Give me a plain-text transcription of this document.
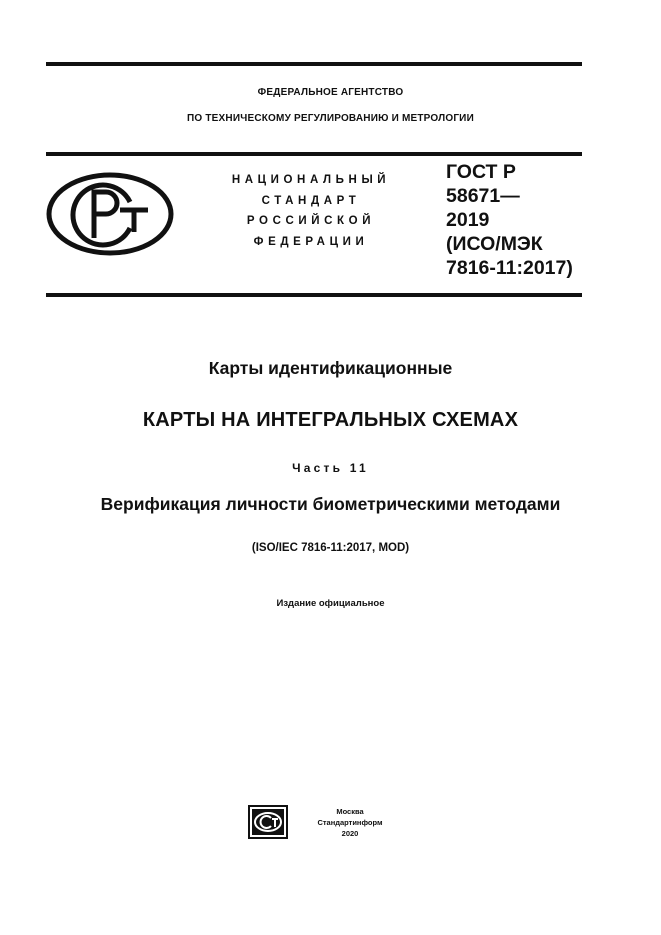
ФЕДЕРАЛЬНОЕ АГЕНТСТВО
ПО ТЕХНИЧЕСКОМУ РЕГУЛИРОВАНИЮ И МЕТРОЛОГИИ
НАЦИОНАЛЬНЫЙ
СТАНДАРТ
РОССИЙСКОЙ
ФЕДЕРАЦИИ
ГОСТ Р
58671—
2019
(ИСО/МЭК
7816-11:2017)
Карты идентификационные
КАРТЫ НА ИНТЕГРАЛЬНЫХ СХЕМАХ
Часть 11
Верификация личности биометрическими методами
(ISO/IEC 7816-11:2017, MOD)
Издание официальное
Москва
Стандартинформ
2020
